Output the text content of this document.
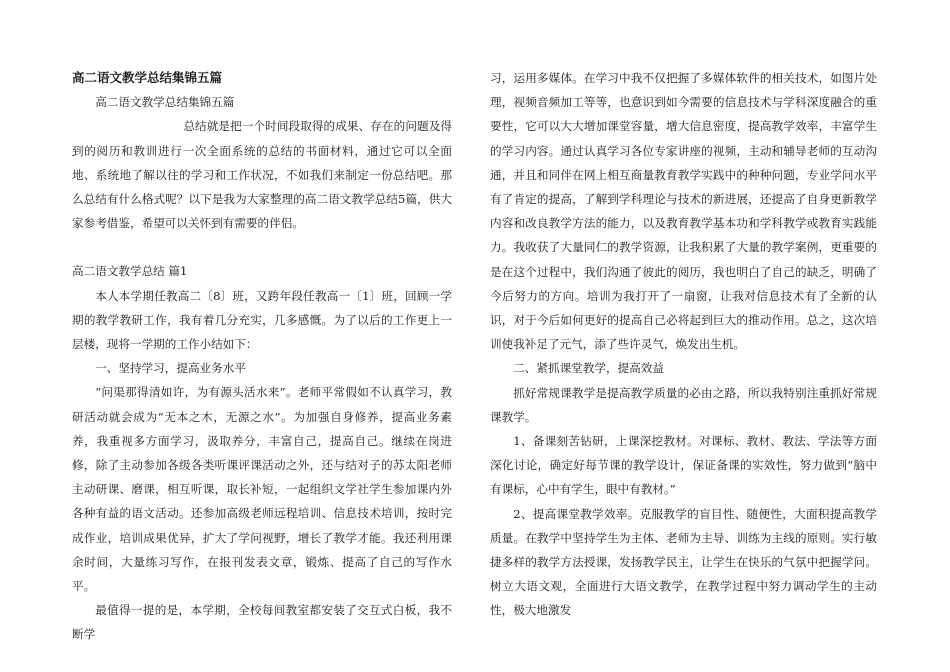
高二语文教学总结集锦五篇

高二语文教学总结集锦五篇

总结就是把一个时间段取得的成果、存在的问题及得到的阅历和教训进行一次全面系统的总结的书面材料，通过它可以全面地、系统地了解以往的学习和工作状况，不如我们来制定一份总结吧。那么总结有什么格式呢？以下是我为大家整理的高二语文教学总结5篇，供大家参考借鉴，希望可以关怀到有需要的伴侣。

高二语文教学总结 篇1

本人本学期任教高二〔8〕班，又跨年段任教高一〔1〕班，回顾一学期的教学教研工作，我有着几分充实，几多感慨。为了以后的工作更上一层楼，现将一学期的工作小结如下：

一、坚持学习，提高业务水平

“问渠那得清如许，为有源头活水来”。老师平常假如不认真学习，教研活动就会成为“无本之木，无源之水”。为加强自身修养，提高业务素养，我重视多方面学习，汲取养分，丰富自己，提高自己。继续在岗进修，除了主动参加各级各类听课评课活动之外，还与结对子的苏太阳老师主动研课、磨课，相互听课，取长补短，一起组织文学社学生参加课内外各种有益的语文活动。还参加高级老师远程培训、信息技术培训，按时完成作业，培训成果优异，扩大了学问视野，增长了教学才能。我还利用课余时间，大量练习写作，在报刊发表文章，锻炼、提高了自己的写作水平。

最值得一提的是，本学期，全校每间教室都安装了交互式白板，我不断学

习，运用多媒体。在学习中我不仅把握了多媒体软件的相关技术，如图片处理，视频音频加工等等，也意识到如今需要的信息技术与学科深度融合的重要性，它可以大大增加课堂容量，增大信息密度，提高教学效率，丰富学生的学习内容。通过认真学习各位专家讲座的视频，主动和辅导老师的互动沟通，并且和同伴在网上相互商量教育教学实践中的种种问题，专业学问水平有了肯定的提高，了解到学科理论与技术的新进展，还提高了自身更新教学内容和改良教学方法的能力，以及教育教学基本功和学科教学或教育实践能力。我收获了大量同仁的教学资源，让我积累了大量的教学案例，更重要的是在这个过程中，我们沟通了彼此的阅历，我也明白了自己的缺乏，明确了今后努力的方向。培训为我打开了一扇窗，让我对信息技术有了全新的认识，对于今后如何更好的提高自己必将起到巨大的推动作用。总之，这次培训使我补足了元气，添了些许灵气，焕发出生机。

二、紧抓课堂教学，提高效益

抓好常规课教学是提高教学质量的必由之路，所以我特别注重抓好常规课教学。

1、备课刻苦钻研，上课深挖教材。对课标、教材、教法、学法等方面深化讨论，确定好每节课的教学设计，保证备课的实效性，努力做到“脑中有课标，心中有学生，眼中有教材。”

2、提高课堂教学效率。克服教学的盲目性、随便性，大面积提高教学质量。在教学中坚持学生为主体、老师为主导、训练为主线的原则。实行敏捷多样的教学方法授课，发扬教学民主，让学生在快乐的气氛中把握学问。树立大语文观，全面进行大语文教学，在教学过程中努力调动学生的主动性，极大地激发
